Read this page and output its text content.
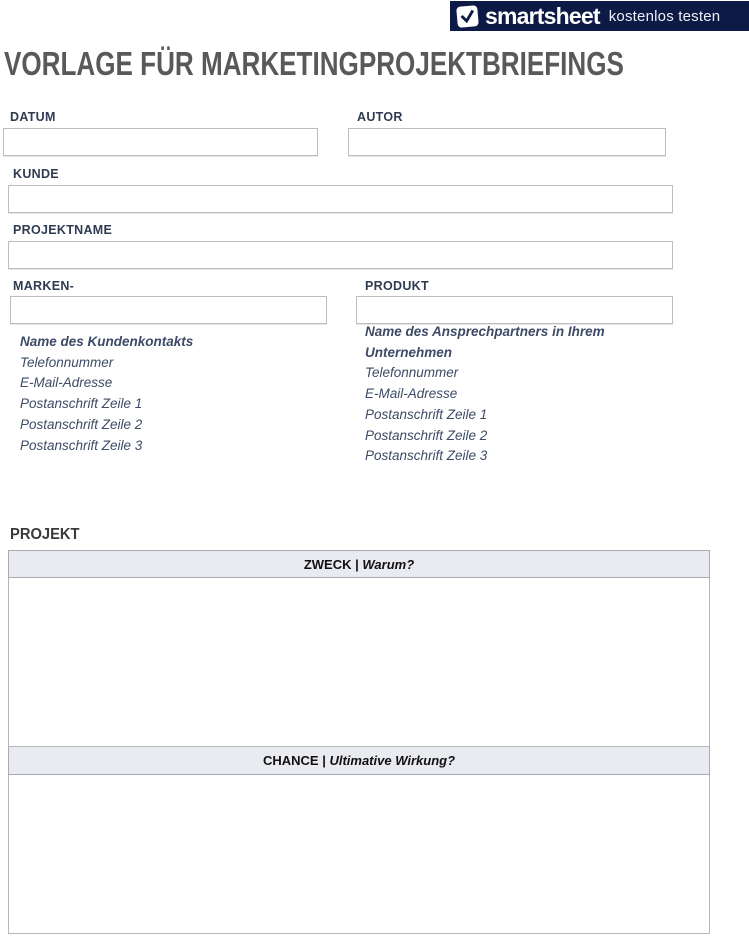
smartsheet kostenlos testen
VORLAGE FÜR MARKETINGPROJEKTBRIEFINGS
DATUM	AUTOR
KUNDE
PROJEKTNAME
MARKEN-	PRODUKT
Name des Kundenkontakts
Telefonnummer
E-Mail-Adresse
Postanschrift Zeile 1
Postanschrift Zeile 2
Postanschrift Zeile 3
Name des Ansprechpartners in Ihrem Unternehmen
Telefonnummer
E-Mail-Adresse
Postanschrift Zeile 1
Postanschrift Zeile 2
Postanschrift Zeile 3
PROJEKT
ZWECK | Warum?
CHANCE | Ultimative Wirkung?
